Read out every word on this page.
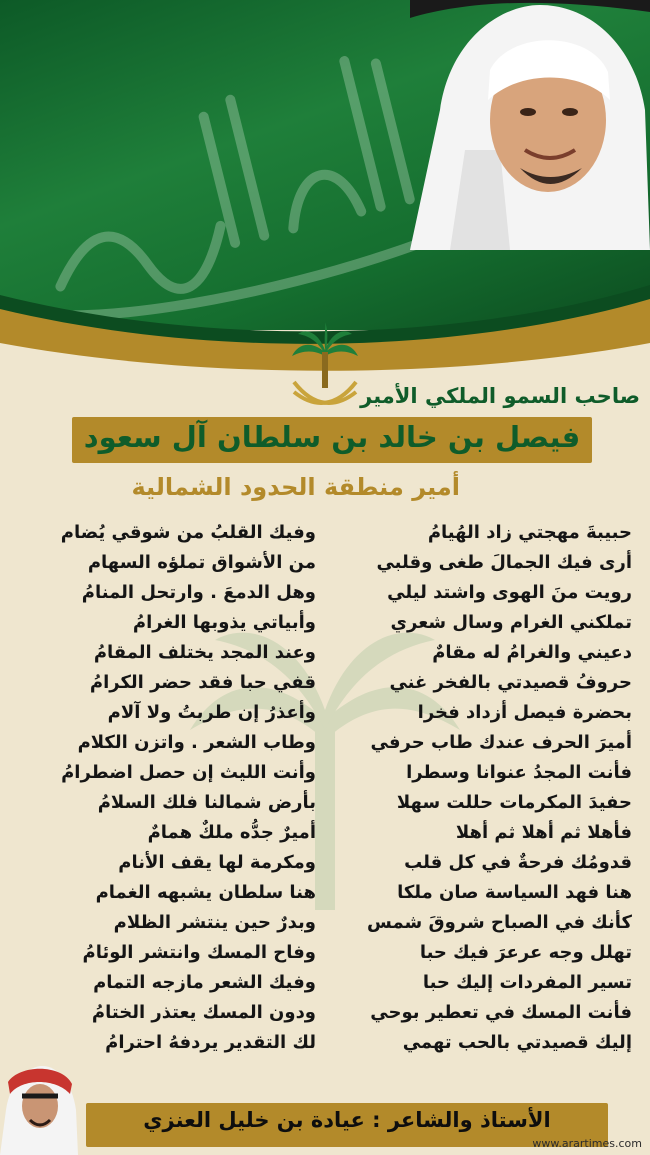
صاحب السمو الملكي الأمير
فيصل بن خالد بن سلطان آل سعود
أمير منطقة الحدود الشمالية
حبيبةَ مهجتي زاد الهُيامُ
وفيك القلبُ من شوقي يُضام
أرى فيك الجمالَ طغى وقلبي
من الأشواق تملؤه السهام
رويت منَ الهوى واشتد ليلي
وهل الدمعَ . وارتحل المنامُ
تملكني الغرام وسال شعري
وأبياتي يذوبها الغرامُ
دعيني والغرامُ له مقامٌ
وعند المجد يختلف المقامُ
حروفُ قصيدتي بالفخر غني
قفي حبا فقد حضر الكرامُ
بحضرة فيصل أزداد فخرا
وأعذرُ إن طربتُ ولا آلام
أميرَ الحرف عندك طاب حرفي
وطاب الشعر . واتزن الكلام
فأنت المجدُ عنوانا وسطرا
وأنت الليث إن حصل اضطرامُ
حفيدَ المكرمات حللت سهلا
بأرض شمالنا فلك السلامُ
فأهلا ثم أهلا ثم أهلا
أميرٌ جدُّه ملكٌ همامٌ
قدومُك فرحةٌ في كل قلب
ومكرمة لها يقف الأنام
هنا فهد السياسة صان ملكا
هنا سلطان يشبهه الغمام
كأنك في الصباح شروقَ شمس
وبدرٌ حين ينتشر الظلام
تهلل وجه عرعرَ فيك حبا
وفاح المسك وانتشر الوئامُ
تسير المفردات إليك حبا
وفيك الشعر مازجه التمام
فأنت المسك في تعطير بوحي
ودون المسك يعتذر الختامُ
إليك قصيدتي بالحب تهمي
لك التقدير يردفهُ احترامُ
الأستاذ والشاعر : عيادة بن خليل العنزي
www.arartimes.com
